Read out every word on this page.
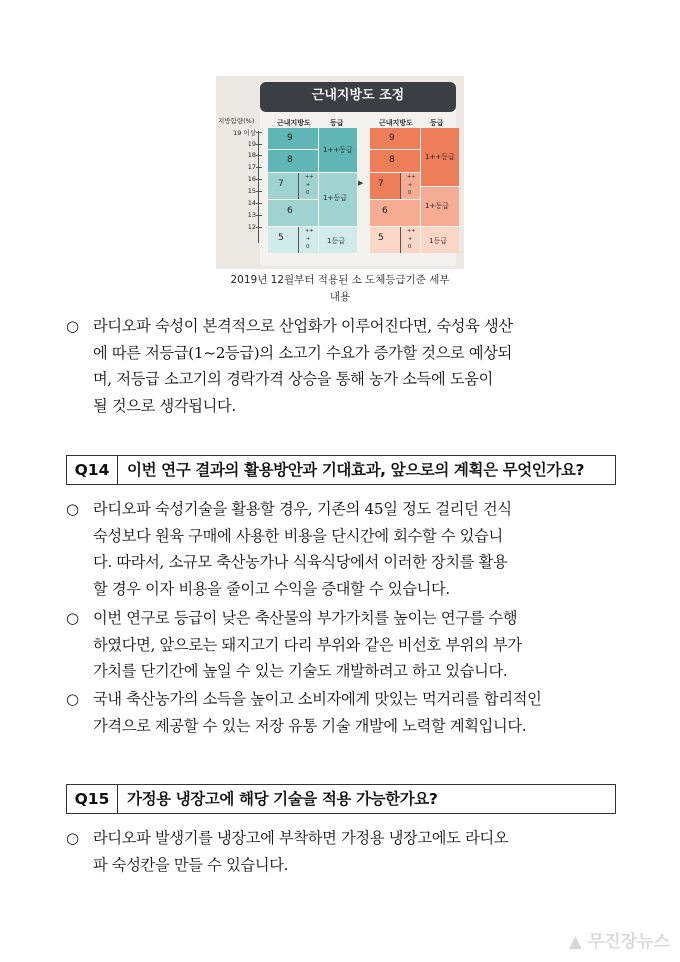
근내지방도 조정
지방함량(%)
19 이상
19
18
17
16
15
14
13
12
근내지방도	등급	근내지방도 등급
9
8
7
++
+
0
6
5
++
+
0
1++등급
1+등급
1등급
▶
9
8
7
++
+
0
6
5
++
+
0
1++등급
1+등급
1등급
2019년 12월부터 적용된 소 도체등급기준 세부
내용
○ 라디오파 숙성이 본격적으로 산업화가 이루어진다면, 숙성육 생산
에 따른 저등급(1~2등급)의 소고기 수요가 증가할 것으로 예상되
며, 저등급 소고기의 경락가격 상승을 통해 농가 소득에 도움이
될 것으로 생각됩니다.
Q14	이번 연구 결과의 활용방안과 기대효과, 앞으로의 계획은 무엇인가요?
○ 라디오파 숙성기술을 활용할 경우, 기존의 45일 정도 걸리던 건식
숙성보다 원육 구매에 사용한 비용을 단시간에 회수할 수 있습니
다. 따라서, 소규모 축산농가나 식육식당에서 이러한 장치를 활용
할 경우 이자 비용을 줄이고 수익을 증대할 수 있습니다.
○ 이번 연구로 등급이 낮은 축산물의 부가가치를 높이는 연구를 수행
하였다면, 앞으로는 돼지고기 다리 부위와 같은 비선호 부위의 부가
가치를 단기간에 높일 수 있는 기술도 개발하려고 하고 있습니다.
○ 국내 축산농가의 소득을 높이고 소비자에게 맛있는 먹거리를 합리적인
가격으로 제공할 수 있는 저장 유통 기술 개발에 노력할 계획입니다.
Q15	가정용 냉장고에 해당 기술을 적용 가능한가요?
○ 라디오파 발생기를 냉장고에 부착하면 가정용 냉장고에도 라디오
파 숙성칸을 만들 수 있습니다.
▲ 무진장뉴스
